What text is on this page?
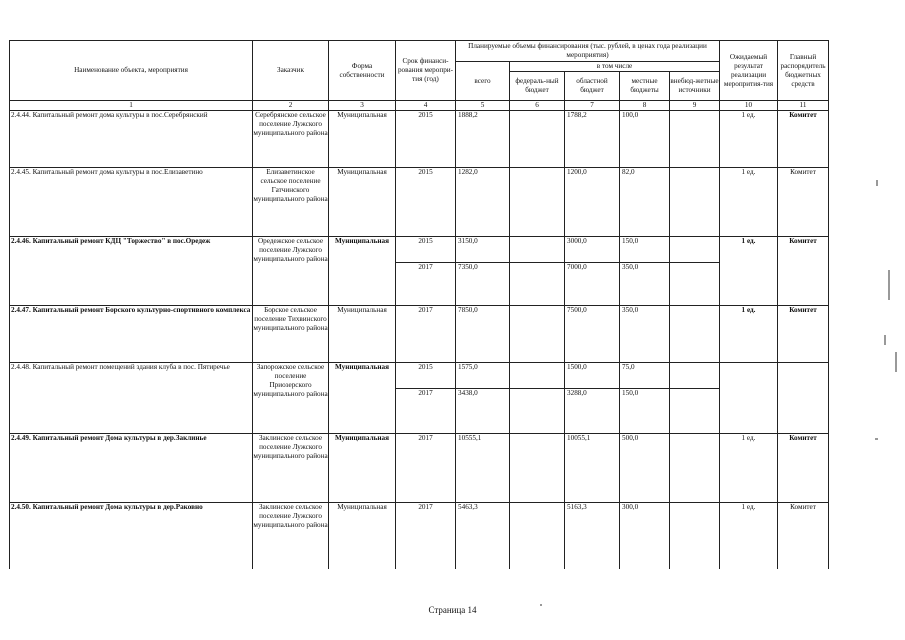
Наименование объекта, мероприятия	Заказчик	Форма собственности	Срок финанси-рования меропри-тия (год)	Планируемые объемы финансирования (тыс. рублей, в ценах года реализации мероприятия)					Ожидаемый результат реализации меропрития-тия	Главный распорядитель бюджетных средств
				всего	в том числе					
					федераль-ный бюджет	областной бюджет	местные бюджеты	внебюд-жетные источники		
1	2	3	4	5	6	7	8	9	10	11
2.4.44. Капитальный ремонт дома культуры в пос.Серебрянский	Серебрянское сельское поселение Лужского муниципального района	Муниципальная	2015	1888,2		1788,2	100,0		1 ед.	Комитет
2.4.45. Капитальный ремонт дома культуры в пос.Елизаветино	Елизаветинское сельское поселение Гатчинского муниципального района	Муниципальная	2015	1282,0		1200,0	82,0		1 ед.	Комитет
2.4.46. Капитальный ремонт КДЦ "Торжество" в пос.Оредеж	Оредежское сельское поселение Лужского муниципального района	Муниципальная	2015	3150,0		3000,0	150,0		1 ед.	Комитет
			2017	7350,0		7000,0	350,0			
2.4.47. Капитальный ремонт Борского культурно-спортивного комплекса	Борское сельское поселение Тихвинского муниципального района	Муниципальная	2017	7850,0		7500,0	350,0		1 ед.	Комитет
2.4.48. Капитальный ремонт помещений здания клуба в пос. Пятиречье	Запорожское сельское поселение Приозерского муниципального района	Муниципальная	2015	1575,0		1500,0	75,0			
			2017	3438,0		3288,0	150,0			
2.4.49. Капитальный ремонт Дома культуры в дер.Заклинье	Заклинское сельское поселение Лужского муниципального района	Муниципальная	2017	10555,1		10055,1	500,0		1 ед.	Комитет
2.4.50. Капитальный ремонт Дома культуры в дер.Раковно	Заклинское сельское поселение Лужского муниципального района	Муниципальная	2017	5463,3		5163,3	300,0		1 ед.	Комитет
Страница 14
